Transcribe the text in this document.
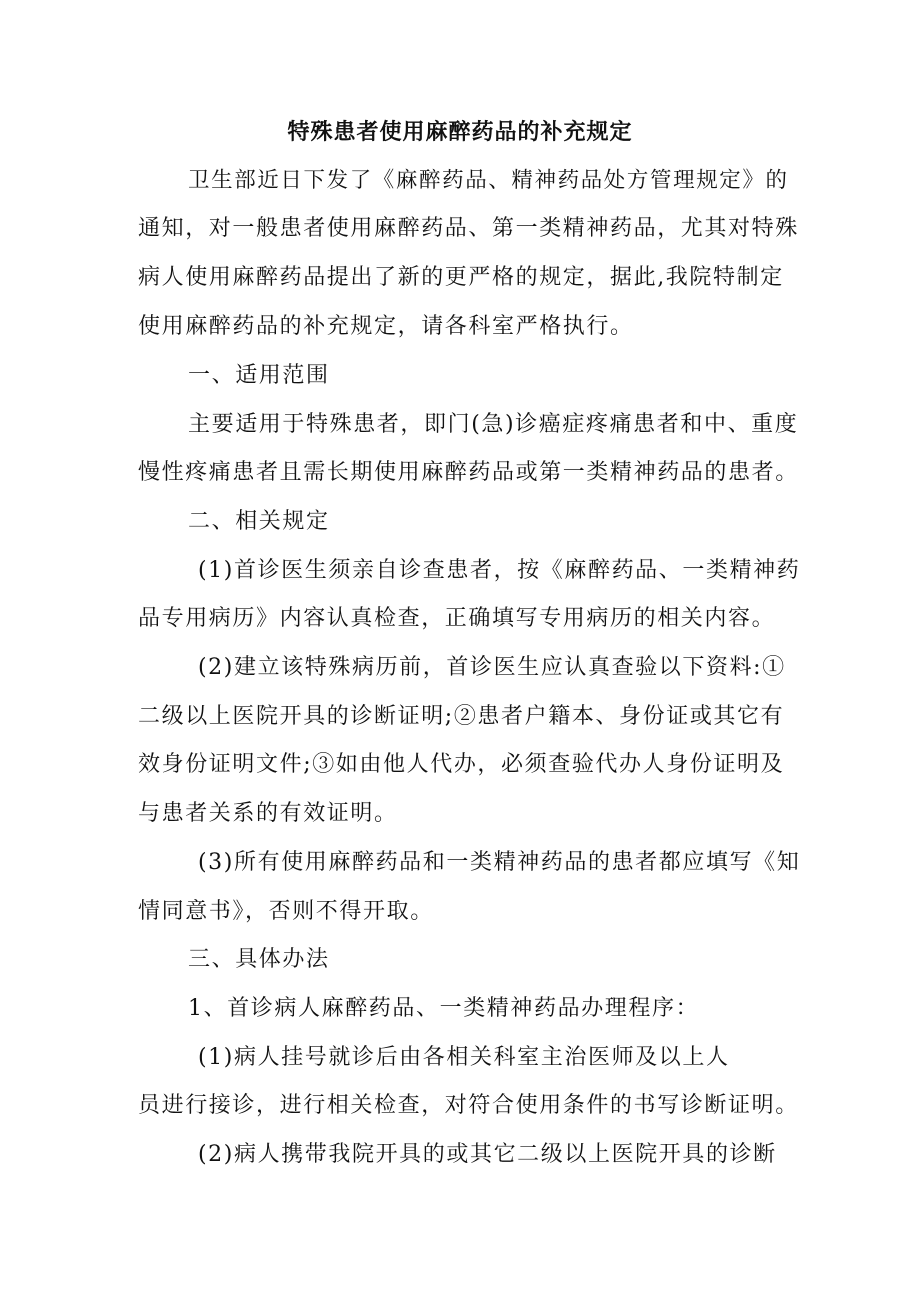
特殊患者使用麻醉药品的补充规定
卫生部近日下发了《麻醉药品、精神药品处方管理规定》的
通知，对一般患者使用麻醉药品、第一类精神药品，尤其对特殊
病人使用麻醉药品提出了新的更严格的规定，据此,我院特制定
使用麻醉药品的补充规定，请各科室严格执行。
一、适用范围
主要适用于特殊患者，即门(急)诊癌症疼痛患者和中、重度
慢性疼痛患者且需长期使用麻醉药品或第一类精神药品的患者。
二、相关规定
(1)首诊医生须亲自诊查患者，按《麻醉药品、一类精神药
品专用病历》内容认真检查，正确填写专用病历的相关内容。
(2)建立该特殊病历前，首诊医生应认真查验以下资料:①
二级以上医院开具的诊断证明;②患者户籍本、身份证或其它有
效身份证明文件;③如由他人代办，必须查验代办人身份证明及
与患者关系的有效证明。
(3)所有使用麻醉药品和一类精神药品的患者都应填写《知
情同意书》，否则不得开取。
三、具体办法
1、首诊病人麻醉药品、一类精神药品办理程序：
(1)病人挂号就诊后由各相关科室主治医师及以上人
员进行接诊，进行相关检查，对符合使用条件的书写诊断证明。
(2)病人携带我院开具的或其它二级以上医院开具的诊断
